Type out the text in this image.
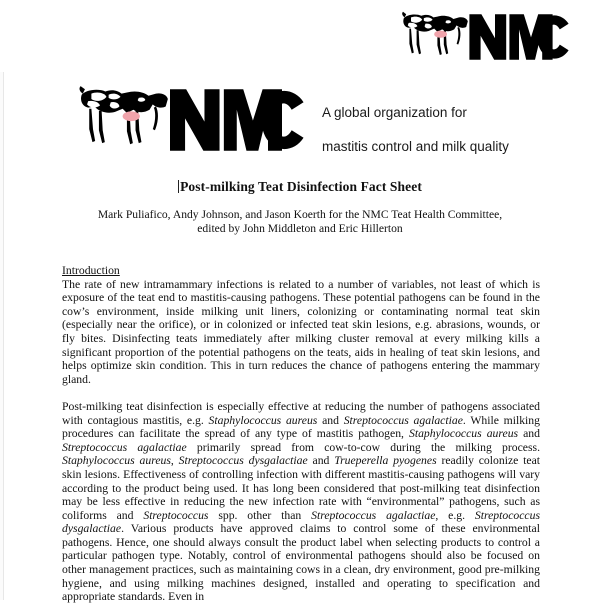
A global organization for

mastitis control and milk quality

Post-milking Teat Disinfection Fact Sheet
Mark Puliafico, Andy Johnson, and Jason Koerth for the NMC Teat Health Committee,
edited by John Middleton and Eric Hillerton

Introduction
The rate of new intramammary infections is related to a number of variables, not least of which is exposure of the teat end to mastitis-causing pathogens. These potential pathogens can be found in the cow’s environment, inside milking unit liners, colonizing or contaminating normal teat skin (especially near the orifice), or in colonized or infected teat skin lesions, e.g. abrasions, wounds, or fly bites. Disinfecting teats immediately after milking cluster removal at every milking kills a significant proportion of the potential pathogens on the teats, aids in healing of teat skin lesions, and helps optimize skin condition. This in turn reduces the chance of pathogens entering the mammary gland.

Post-milking teat disinfection is especially effective at reducing the number of pathogens associated with contagious mastitis, e.g. Staphylococcus aureus and Streptococcus agalactiae. While milking procedures can facilitate the spread of any type of mastitis pathogen, Staphylococcus aureus and Streptococcus agalactiae primarily spread from cow-to-cow during the milking process. Staphylococcus aureus, Streptococcus dysgalactiae and Trueperella pyogenes readily colonize teat skin lesions. Effectiveness of controlling infection with different mastitis-causing pathogens will vary according to the product being used. It has long been considered that post-milking teat disinfection may be less effective in reducing the new infection rate with “environmental” pathogens, such as coliforms and Streptococcus spp. other than Streptococcus agalactiae, e.g. Streptococcus dysgalactiae. Various products have approved claims to control some of these environmental pathogens. Hence, one should always consult the product label when selecting products to control a particular pathogen type. Notably, control of environmental pathogens should also be focused on other management practices, such as maintaining cows in a clean, dry environment, good pre-milking hygiene, and using milking machines designed, installed and operating to specification and appropriate standards. Even in
